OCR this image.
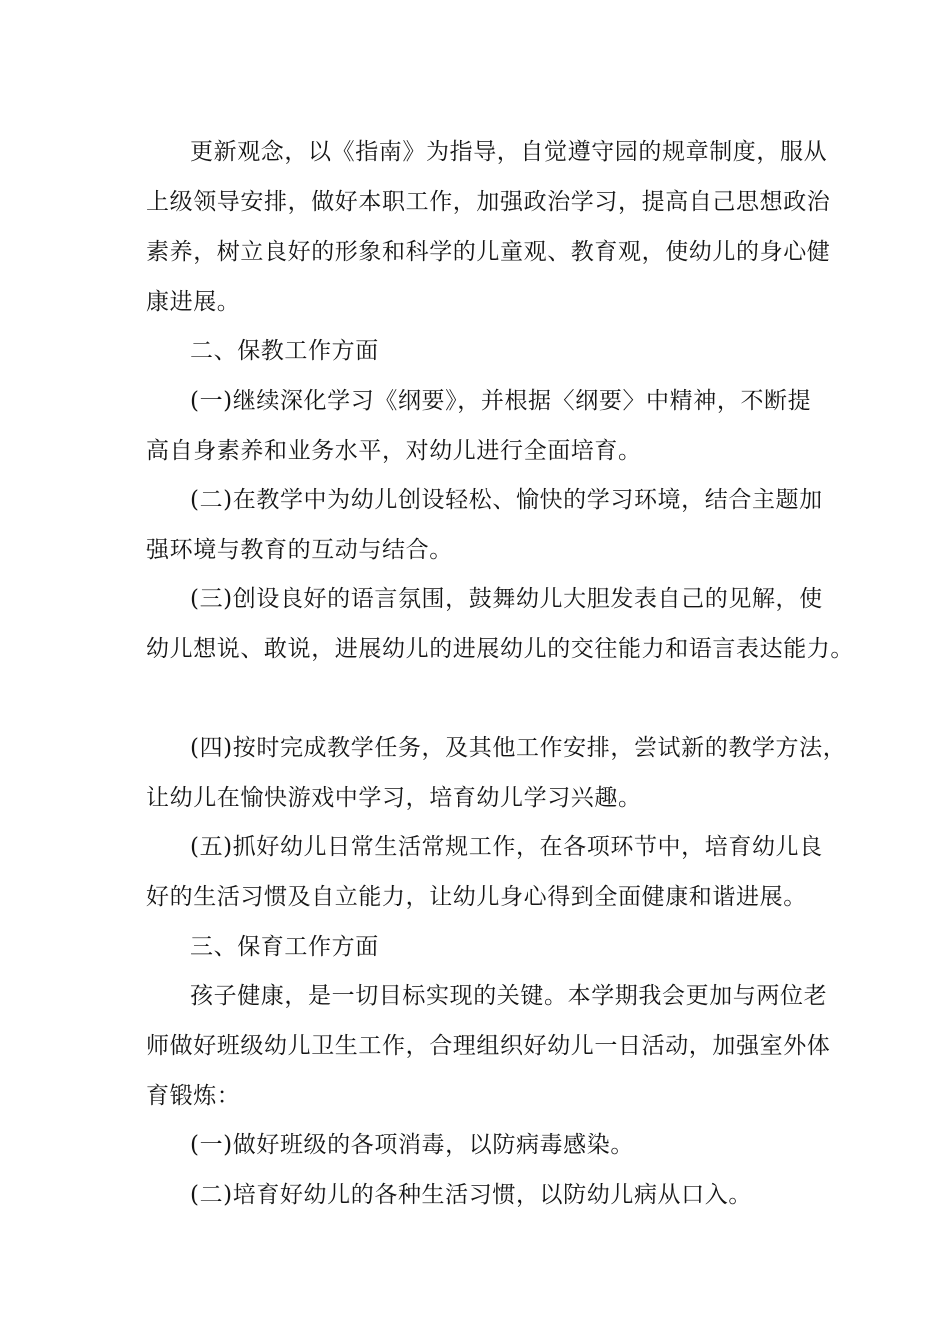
更新观念，以《指南》为指导，自觉遵守园的规章制度，服从
上级领导安排，做好本职工作，加强政治学习，提高自己思想政治
素养，树立良好的形象和科学的儿童观、教育观，使幼儿的身心健
康进展。
二、保教工作方面
(一)继续深化学习《纲要》，并根据〈纲要〉中精神，不断提
高自身素养和业务水平，对幼儿进行全面培育。
(二)在教学中为幼儿创设轻松、愉快的学习环境，结合主题加
强环境与教育的互动与结合。
(三)创设良好的语言氛围，鼓舞幼儿大胆发表自己的见解，使
幼儿想说、敢说，进展幼儿的进展幼儿的交往能力和语言表达能力。
(四)按时完成教学任务，及其他工作安排，尝试新的教学方法，
让幼儿在愉快游戏中学习，培育幼儿学习兴趣。
(五)抓好幼儿日常生活常规工作，在各项环节中，培育幼儿良
好的生活习惯及自立能力，让幼儿身心得到全面健康和谐进展。
三、保育工作方面
孩子健康，是一切目标实现的关键。本学期我会更加与两位老
师做好班级幼儿卫生工作，合理组织好幼儿一日活动，加强室外体
育锻炼：
(一)做好班级的各项消毒，以防病毒感染。
(二)培育好幼儿的各种生活习惯，以防幼儿病从口入。
